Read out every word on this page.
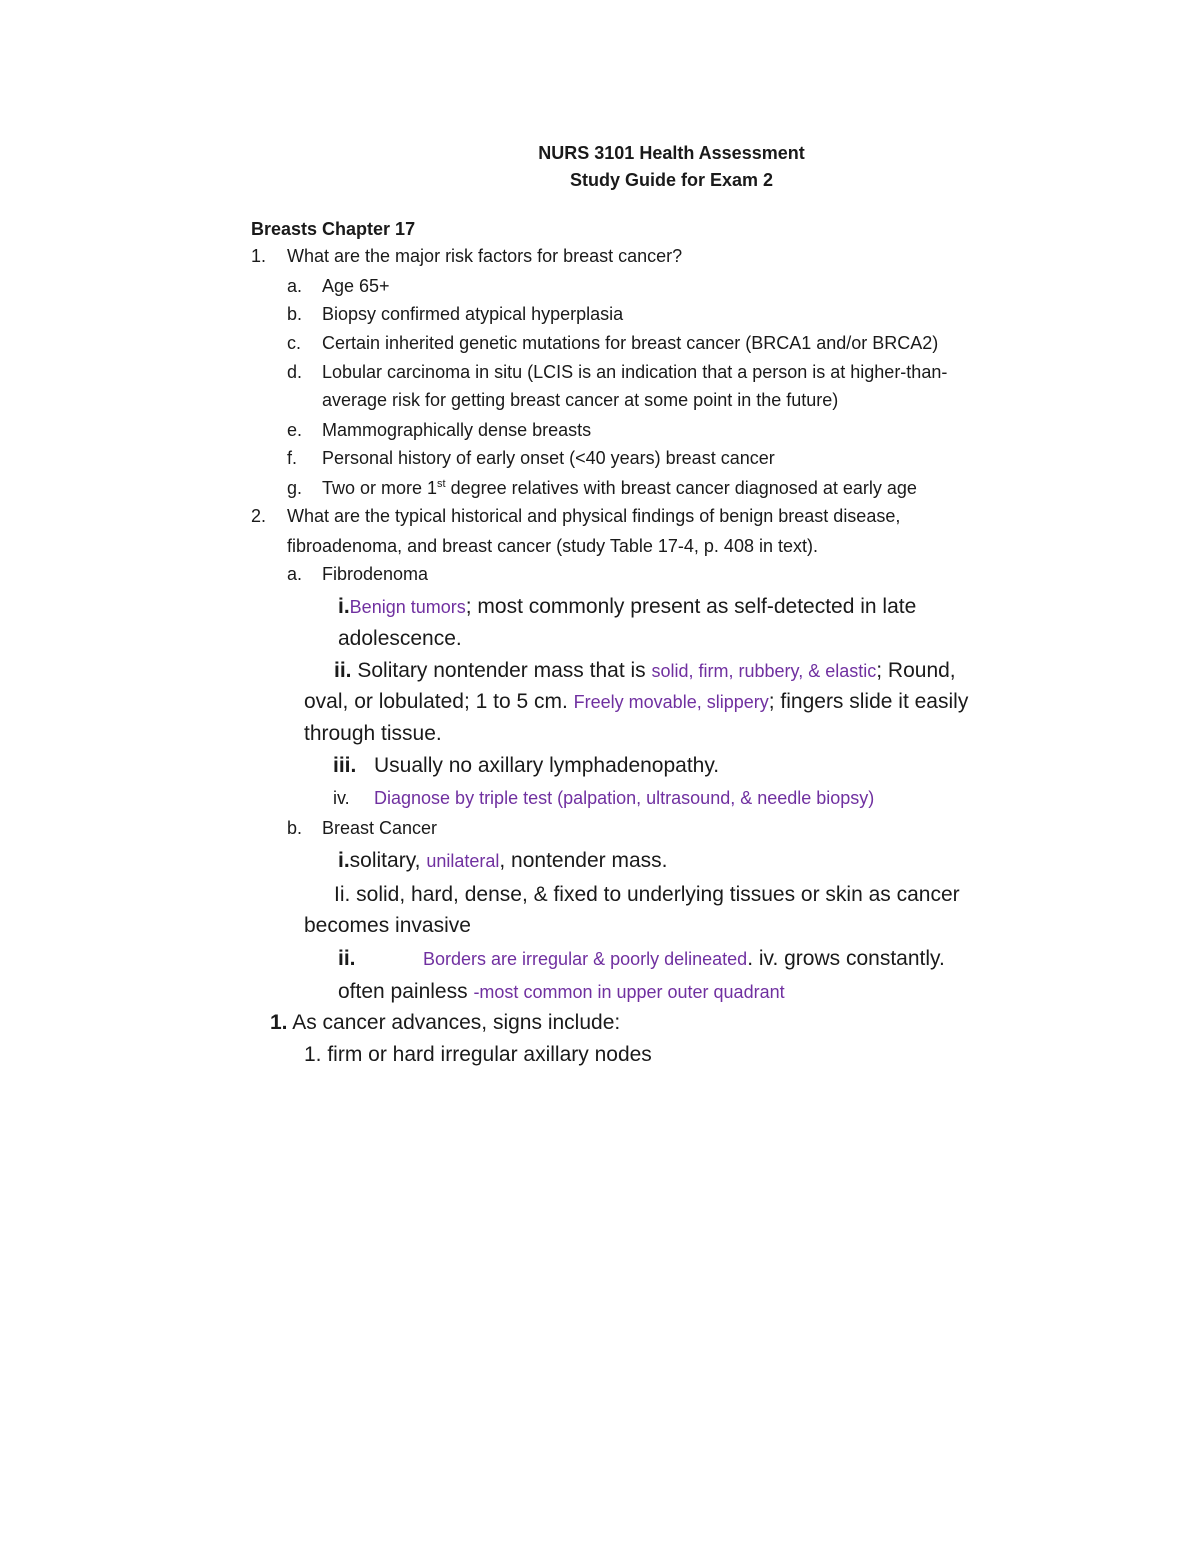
NURS 3101 Health Assessment
Study Guide for Exam 2
Breasts Chapter 17
1. What are the major risk factors for breast cancer?
a. Age 65+
b. Biopsy confirmed atypical hyperplasia
c. Certain inherited genetic mutations for breast cancer (BRCA1 and/or BRCA2)
d. Lobular carcinoma in situ (LCIS is an indication that a person is at higher-than-
average risk for getting breast cancer at some point in the future)
e. Mammographically dense breasts
f. Personal history of early onset (<40 years) breast cancer
g. Two or more 1st degree relatives with breast cancer diagnosed at early age
2. What are the typical historical and physical findings of benign breast disease,
fibroadenoma, and breast cancer (study Table 17-4, p. 408 in text).
a. Fibrodenoma
i.Benign tumors; most commonly present as self-detected in late
adolescence.
ii. Solitary nontender mass that is solid, firm, rubbery, & elastic; Round,
oval, or lobulated; 1 to 5 cm. Freely movable, slippery; fingers slide it easily
through tissue.
iii. Usually no axillary lymphadenopathy.
iv. Diagnose by triple test (palpation, ultrasound, & needle biopsy)
b. Breast Cancer
i.solitary, unilateral, nontender mass.
Ii. solid, hard, dense, & fixed to underlying tissues or skin as cancer
becomes invasive
ii.	Borders are irregular & poorly delineated. iv. grows constantly.
often painless -most common in upper outer quadrant
1. As cancer advances, signs include:
1. firm or hard irregular axillary nodes
